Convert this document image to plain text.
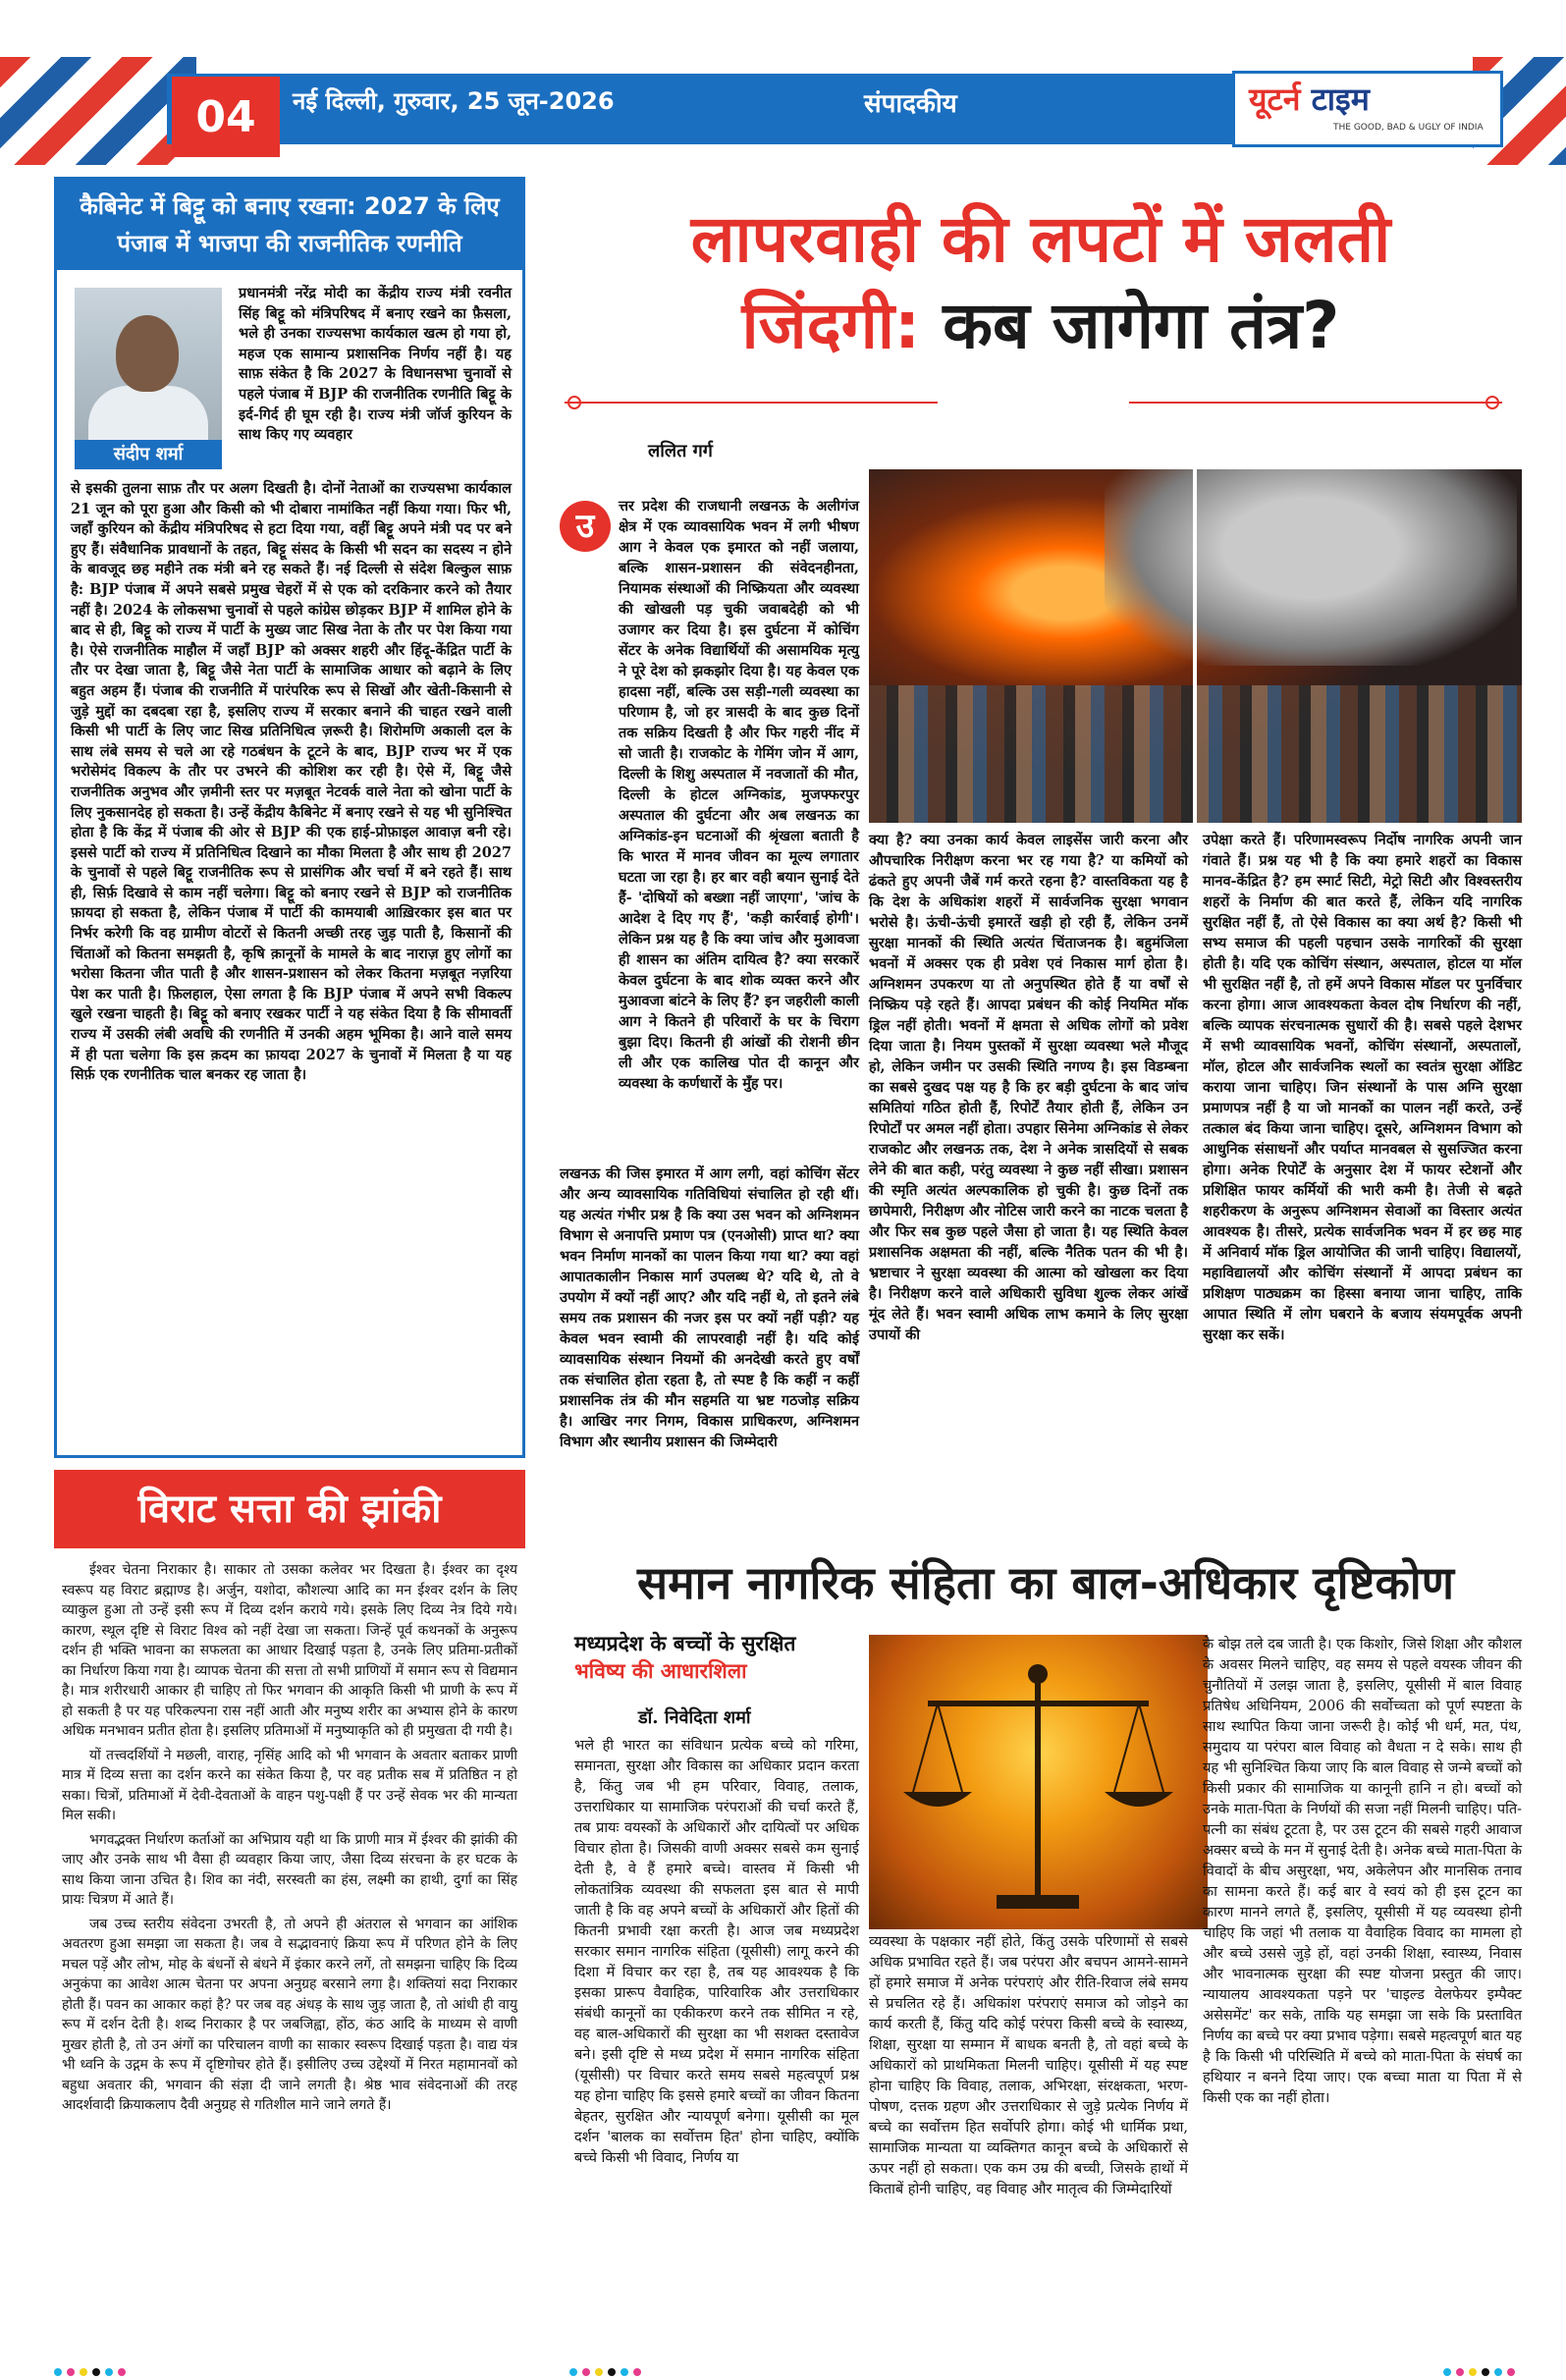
04	नई दिल्ली, गुरुवार, 25 जून-2026	संपादकीय	यूटर्न टाइम
THE GOOD, BAD & UGLY OF INDIA
कैबिनेट में बिट्टू को बनाए रखना: 2027 के लिए
पंजाब में भाजपा की राजनीतिक रणनीति
संदीप शर्मा
प्रधानमंत्री नरेंद्र मोदी का केंद्रीय राज्य मंत्री रवनीत सिंह बिट्टू को मंत्रिपरिषद में बनाए रखने का फ़ैसला, भले ही उनका राज्यसभा कार्यकाल खत्म हो गया हो, महज एक सामान्य प्रशासनिक निर्णय नहीं है। यह साफ़ संकेत है कि 2027 के विधानसभा चुनावों से पहले पंजाब में BJP की राजनीतिक रणनीति बिट्टू के इर्द-गिर्द ही घूम रही है। राज्य मंत्री जॉर्ज कुरियन के साथ किए गए व्यवहार
से इसकी तुलना साफ़ तौर पर अलग दिखती है। दोनों नेताओं का राज्यसभा कार्यकाल 21 जून को पूरा हुआ और किसी को भी दोबारा नामांकित नहीं किया गया। फिर भी, जहाँ कुरियन को केंद्रीय मंत्रिपरिषद से हटा दिया गया, वहीं बिट्टू अपने मंत्री पद पर बने हुए हैं। संवैधानिक प्रावधानों के तहत, बिट्टू संसद के किसी भी सदन का सदस्य न होने के बावजूद छह महीने तक मंत्री बने रह सकते हैं। नई दिल्ली से संदेश बिल्कुल साफ़ है: BJP पंजाब में अपने सबसे प्रमुख चेहरों में से एक को दरकिनार करने को तैयार नहीं है। 2024 के लोकसभा चुनावों से पहले कांग्रेस छोड़कर BJP में शामिल होने के बाद से ही, बिट्टू को राज्य में पार्टी के मुख्य जाट सिख नेता के तौर पर पेश किया गया है। ऐसे राजनीतिक माहौल में जहाँ BJP को अक्सर शहरी और हिंदू-केंद्रित पार्टी के तौर पर देखा जाता है, बिट्टू जैसे नेता पार्टी के सामाजिक आधार को बढ़ाने के लिए बहुत अहम हैं। पंजाब की राजनीति में पारंपरिक रूप से सिखों और खेती-किसानी से जुड़े मुद्दों का दबदबा रहा है, इसलिए राज्य में सरकार बनाने की चाहत रखने वाली किसी भी पार्टी के लिए जाट सिख प्रतिनिधित्व ज़रूरी है। शिरोमणि अकाली दल के साथ लंबे समय से चले आ रहे गठबंधन के टूटने के बाद, BJP राज्य भर में एक भरोसेमंद विकल्प के तौर पर उभरने की कोशिश कर रही है। ऐसे में, बिट्टू जैसे राजनीतिक अनुभव और ज़मीनी स्तर पर मज़बूत नेटवर्क वाले नेता को खोना पार्टी के लिए नुकसानदेह हो सकता है। उन्हें केंद्रीय कैबिनेट में बनाए रखने से यह भी सुनिश्चित होता है कि केंद्र में पंजाब की ओर से BJP की एक हाई-प्रोफ़ाइल आवाज़ बनी रहे। इससे पार्टी को राज्य में प्रतिनिधित्व दिखाने का मौका मिलता है और साथ ही 2027 के चुनावों से पहले बिट्टू राजनीतिक रूप से प्रासंगिक और चर्चा में बने रहते हैं। साथ ही, सिर्फ़ दिखावे से काम नहीं चलेगा। बिट्टू को बनाए रखने से BJP को राजनीतिक फ़ायदा हो सकता है, लेकिन पंजाब में पार्टी की कामयाबी आख़िरकार इस बात पर निर्भर करेगी कि वह ग्रामीण वोटरों से कितनी अच्छी तरह जुड़ पाती है, किसानों की चिंताओं को कितना समझती है, कृषि क़ानूनों के मामले के बाद नाराज़ हुए लोगों का भरोसा कितना जीत पाती है और शासन-प्रशासन को लेकर कितना मज़बूत नज़रिया पेश कर पाती है। फ़िलहाल, ऐसा लगता है कि BJP पंजाब में अपने सभी विकल्प खुले रखना चाहती है। बिट्टू को बनाए रखकर पार्टी ने यह संकेत दिया है कि सीमावर्ती राज्य में उसकी लंबी अवधि की रणनीति में उनकी अहम भूमिका है। आने वाले समय में ही पता चलेगा कि इस क़दम का फ़ायदा 2027 के चुनावों में मिलता है या यह सिर्फ़ एक रणनीतिक चाल बनकर रह जाता है।
विराट सत्ता की झांकी

ईश्वर चेतना निराकार है। साकार तो उसका कलेवर भर दिखता है। ईश्वर का दृश्य स्वरूप यह विराट ब्रह्माण्ड है। अर्जुन, यशोदा, कौशल्या आदि का मन ईश्वर दर्शन के लिए व्याकुल हुआ तो उन्हें इसी रूप में दिव्य दर्शन कराये गये। इसके लिए दिव्य नेत्र दिये गये। कारण, स्थूल दृष्टि से विराट विश्व को नहीं देखा जा सकता। जिन्हें पूर्व कथनकों के अनुरूप दर्शन ही भक्ति भावना का सफलता का आधार दिखाई पड़ता है, उनके लिए प्रतिमा-प्रतीकों का निर्धारण किया गया है। व्यापक चेतना की सत्ता तो सभी प्राणियों में समान रूप से विद्यमान है। मात्र शरीरधारी आकार ही चाहिए तो फिर भगवान की आकृति किसी भी प्राणी के रूप में हो सकती है पर यह परिकल्पना रास नहीं आती और मनुष्य शरीर का अभ्यास होने के कारण अधिक मनभावन प्रतीत होता है। इसलिए प्रतिमाओं में मनुष्याकृति को ही प्रमुखता दी गयी है।

यों तत्त्वदर्शियों ने मछली, वाराह, नृसिंह आदि को भी भगवान के अवतार बताकर प्राणी मात्र में दिव्य सत्ता का दर्शन करने का संकेत किया है, पर वह प्रतीक सब में प्रतिष्ठित न हो सका। चित्रों, प्रतिमाओं में देवी-देवताओं के वाहन पशु-पक्षी हैं पर उन्हें सेवक भर की मान्यता मिल सकी।

भगवद्भक्त निर्धारण कर्ताओं का अभिप्राय यही था कि प्राणी मात्र में ईश्वर की झांकी की जाए और उनके साथ भी वैसा ही व्यवहार किया जाए, जैसा दिव्य संरचना के हर घटक के साथ किया जाना उचित है। शिव का नंदी, सरस्वती का हंस, लक्ष्मी का हाथी, दुर्गा का सिंह प्रायः चित्रण में आते हैं।

जब उच्च स्तरीय संवेदना उभरती है, तो अपने ही अंतराल से भगवान का आंशिक अवतरण हुआ समझा जा सकता है। जब वे सद्भावनाएं क्रिया रूप में परिणत होने के लिए मचल पड़ें और लोभ, मोह के बंधनों से बंधने में इंकार करने लगें, तो समझना चाहिए कि दिव्य अनुकंपा का आवेश आत्म चेतना पर अपना अनुग्रह बरसाने लगा है। शक्तियां सदा निराकार होती हैं। पवन का आकार कहां है? पर जब वह अंधड़ के साथ जुड़ जाता है, तो आंधी ही वायु रूप में दर्शन देती है। शब्द निराकार है पर जबजिह्वा, होंठ, कंठ आदि के माध्यम से वाणी मुखर होती है, तो उन अंगों का परिचालन वाणी का साकार स्वरूप दिखाई पड़ता है। वाद्य यंत्र भी ध्वनि के उद्गम के रूप में दृष्टिगोचर होते हैं। इसीलिए उच्च उद्देश्यों में निरत महामानवों को बहुधा अवतार की, भगवान की संज्ञा दी जाने लगती है। श्रेष्ठ भाव संवेदनाओं की तरह आदर्शवादी क्रियाकलाप दैवी अनुग्रह से गतिशील माने जाने लगते हैं।

लापरवाही की लपटों में जलती
जिंदगी: कब जागेगा तंत्र?
ललित गर्ग
उ
त्तर प्रदेश की राजधानी लखनऊ के अलीगंज क्षेत्र में एक व्यावसायिक भवन में लगी भीषण आग ने केवल एक इमारत को नहीं जलाया, बल्कि शासन-प्रशासन की संवेदनहीनता, नियामक संस्थाओं की निष्क्रियता और व्यवस्था की खोखली पड़ चुकी जवाबदेही को भी उजागर कर दिया है। इस दुर्घटना में कोचिंग सेंटर के अनेक विद्यार्थियों की असामयिक मृत्यु ने पूरे देश को झकझोर दिया है। यह केवल एक हादसा नहीं, बल्कि उस सड़ी-गली व्यवस्था का परिणाम है, जो हर त्रासदी के बाद कुछ दिनों तक सक्रिय दिखती है और फिर गहरी नींद में सो जाती है। राजकोट के गेमिंग जोन में आग, दिल्ली के शिशु अस्पताल में नवजातों की मौत, दिल्ली के होटल अग्निकांड, मुजफ्फरपुर अस्पताल की दुर्घटना और अब लखनऊ का अग्निकांड-इन घटनाओं की श्रृंखला बताती है कि भारत में मानव जीवन का मूल्य लगातार घटता जा रहा है। हर बार वही बयान सुनाई देते हैं- 'दोषियों को बख्शा नहीं जाएगा', 'जांच के आदेश दे दिए गए हैं', 'कड़ी कार्रवाई होगी'। लेकिन प्रश्न यह है कि क्या जांच और मुआवजा ही शासन का अंतिम दायित्व है? क्या सरकारें केवल दुर्घटना के बाद शोक व्यक्त करने और मुआवजा बांटने के लिए हैं? इन जहरीली काली आग ने कितने ही परिवारों के घर के चिराग बुझा दिए। कितनी ही आंखों की रोशनी छीन ली और एक कालिख पोत दी कानून और व्यवस्था के कर्णधारों के मुँह पर।
लखनऊ की जिस इमारत में आग लगी, वहां कोचिंग सेंटर और अन्य व्यावसायिक गतिविधियां संचालित हो रही थीं। यह अत्यंत गंभीर प्रश्न है कि क्या उस भवन को अग्निशमन विभाग से अनापत्ति प्रमाण पत्र (एनओसी) प्राप्त था? क्या भवन निर्माण मानकों का पालन किया गया था? क्या वहां आपातकालीन निकास मार्ग उपलब्ध थे? यदि थे, तो वे उपयोग में क्यों नहीं आए? और यदि नहीं थे, तो इतने लंबे समय तक प्रशासन की नजर इस पर क्यों नहीं पड़ी? यह केवल भवन स्वामी की लापरवाही नहीं है। यदि कोई व्यावसायिक संस्थान नियमों की अनदेखी करते हुए वर्षों तक संचालित होता रहता है, तो स्पष्ट है कि कहीं न कहीं प्रशासनिक तंत्र की मौन सहमति या भ्रष्ट गठजोड़ सक्रिय है। आखिर नगर निगम, विकास प्राधिकरण, अग्निशमन विभाग और स्थानीय प्रशासन की जिम्मेदारी
क्या है? क्या उनका कार्य केवल लाइसेंस जारी करना और औपचारिक निरीक्षण करना भर रह गया है? या कमियों को ढंकते हुए अपनी जैबें गर्म करते रहना है? वास्तविकता यह है कि देश के अधिकांश शहरों में सार्वजनिक सुरक्षा भगवान भरोसे है। ऊंची-ऊंची इमारतें खड़ी हो रही हैं, लेकिन उनमें सुरक्षा मानकों की स्थिति अत्यंत चिंताजनक है। बहुमंजिला भवनों में अक्सर एक ही प्रवेश एवं निकास मार्ग होता है। अग्निशमन उपकरण या तो अनुपस्थित होते हैं या वर्षों से निष्क्रिय पड़े रहते हैं। आपदा प्रबंधन की कोई नियमित मॉक ड्रिल नहीं होती। भवनों में क्षमता से अधिक लोगों को प्रवेश दिया जाता है। नियम पुस्तकों में सुरक्षा व्यवस्था भले मौजूद हो, लेकिन जमीन पर उसकी स्थिति नगण्य है। इस विडम्बना का सबसे दुखद पक्ष यह है कि हर बड़ी दुर्घटना के बाद जांच समितियां गठित होती हैं, रिपोर्टें तैयार होती हैं, लेकिन उन रिपोर्टों पर अमल नहीं होता। उपहार सिनेमा अग्निकांड से लेकर राजकोट और लखनऊ तक, देश ने अनेक त्रासदियों से सबक लेने की बात कही, परंतु व्यवस्था ने कुछ नहीं सीखा। प्रशासन की स्मृति अत्यंत अल्पकालिक हो चुकी है। कुछ दिनों तक छापेमारी, निरीक्षण और नोटिस जारी करने का नाटक चलता है और फिर सब कुछ पहले जैसा हो जाता है। यह स्थिति केवल प्रशासनिक अक्षमता की नहीं, बल्कि नैतिक पतन की भी है। भ्रष्टाचार ने सुरक्षा व्यवस्था की आत्मा को खोखला कर दिया है। निरीक्षण करने वाले अधिकारी सुविधा शुल्क लेकर आंखें मूंद लेते हैं। भवन स्वामी अधिक लाभ कमाने के लिए सुरक्षा उपायों की
उपेक्षा करते हैं। परिणामस्वरूप निर्दोष नागरिक अपनी जान गंवाते हैं। प्रश्न यह भी है कि क्या हमारे शहरों का विकास मानव-केंद्रित है? हम स्मार्ट सिटी, मेट्रो सिटी और विश्वस्तरीय शहरों के निर्माण की बात करते हैं, लेकिन यदि नागरिक सुरक्षित नहीं हैं, तो ऐसे विकास का क्या अर्थ है? किसी भी सभ्य समाज की पहली पहचान उसके नागरिकों की सुरक्षा होती है। यदि एक कोचिंग संस्थान, अस्पताल, होटल या मॉल भी सुरक्षित नहीं है, तो हमें अपने विकास मॉडल पर पुनर्विचार करना होगा। आज आवश्यकता केवल दोष निर्धारण की नहीं, बल्कि व्यापक संरचनात्मक सुधारों की है। सबसे पहले देशभर में सभी व्यावसायिक भवनों, कोचिंग संस्थानों, अस्पतालों, मॉल, होटल और सार्वजनिक स्थलों का स्वतंत्र सुरक्षा ऑडिट कराया जाना चाहिए। जिन संस्थानों के पास अग्नि सुरक्षा प्रमाणपत्र नहीं है या जो मानकों का पालन नहीं करते, उन्हें तत्काल बंद किया जाना चाहिए। दूसरे, अग्निशमन विभाग को आधुनिक संसाधनों और पर्याप्त मानवबल से सुसज्जित करना होगा। अनेक रिपोर्टें के अनुसार देश में फायर स्टेशनों और प्रशिक्षित फायर कर्मियों की भारी कमी है। तेजी से बढ़ते शहरीकरण के अनुरूप अग्निशमन सेवाओं का विस्तार अत्यंत आवश्यक है। तीसरे, प्रत्येक सार्वजनिक भवन में हर छह माह में अनिवार्य मॉक ड्रिल आयोजित की जानी चाहिए। विद्यालयों, महाविद्यालयों और कोचिंग संस्थानों में आपदा प्रबंधन का प्रशिक्षण पाठ्यक्रम का हिस्सा बनाया जाना चाहिए, ताकि आपात स्थिति में लोग घबराने के बजाय संयमपूर्वक अपनी सुरक्षा कर सकें।
समान नागरिक संहिता का बाल-अधिकार दृष्टिकोण
मध्यप्रदेश के बच्चों के सुरक्षित
भविष्य की आधारशिला
डॉ. निवेदिता शर्मा
भले ही भारत का संविधान प्रत्येक बच्चे को गरिमा, समानता, सुरक्षा और विकास का अधिकार प्रदान करता है, किंतु जब भी हम परिवार, विवाह, तलाक, उत्तराधिकार या सामाजिक परंपराओं की चर्चा करते हैं, तब प्रायः वयस्कों के अधिकारों और दायित्वों पर अधिक विचार होता है। जिसकी वाणी अक्सर सबसे कम सुनाई देती है, वे हैं हमारे बच्चे। वास्तव में किसी भी लोकतांत्रिक व्यवस्था की सफलता इस बात से मापी जाती है कि वह अपने बच्चों के अधिकारों और हितों की कितनी प्रभावी रक्षा करती है। आज जब मध्यप्रदेश सरकार समान नागरिक संहिता (यूसीसी) लागू करने की दिशा में विचार कर रहा है, तब यह आवश्यक है कि इसका प्रारूप वैवाहिक, पारिवारिक और उत्तराधिकार संबंधी कानूनों का एकीकरण करने तक सीमित न रहे, वह बाल-अधिकारों की सुरक्षा का भी सशक्त दस्तावेज बने। इसी दृष्टि से मध्य प्रदेश में समान नागरिक संहिता (यूसीसी) पर विचार करते समय सबसे महत्वपूर्ण प्रश्न यह होना चाहिए कि इससे हमारे बच्चों का जीवन कितना बेहतर, सुरक्षित और न्यायपूर्ण बनेगा। यूसीसी का मूल दर्शन 'बालक का सर्वोत्तम हित' होना चाहिए, क्योंकि बच्चे किसी भी विवाद, निर्णय या
व्यवस्था के पक्षकार नहीं होते, किंतु उसके परिणामों से सबसे अधिक प्रभावित रहते हैं। जब परंपरा और बचपन आमने-सामने हों हमारे समाज में अनेक परंपराएं और रीति-रिवाज लंबे समय से प्रचलित रहे हैं। अधिकांश परंपराएं समाज को जोड़ने का कार्य करती हैं, किंतु यदि कोई परंपरा किसी बच्चे के स्वास्थ्य, शिक्षा, सुरक्षा या सम्मान में बाधक बनती है, तो वहां बच्चे के अधिकारों को प्राथमिकता मिलनी चाहिए। यूसीसी में यह स्पष्ट होना चाहिए कि विवाह, तलाक, अभिरक्षा, संरक्षकता, भरण-पोषण, दत्तक ग्रहण और उत्तराधिकार से जुड़े प्रत्येक निर्णय में बच्चे का सर्वोत्तम हित सर्वोपरि होगा। कोई भी धार्मिक प्रथा, सामाजिक मान्यता या व्यक्तिगत कानून बच्चे के अधिकारों से ऊपर नहीं हो सकता। एक कम उम्र की बच्ची, जिसके हाथों में किताबें होनी चाहिए, वह विवाह और मातृत्व की जिम्मेदारियों
के बोझ तले दब जाती है। एक किशोर, जिसे शिक्षा और कौशल के अवसर मिलने चाहिए, वह समय से पहले वयस्क जीवन की चुनौतियों में उलझ जाता है, इसलिए, यूसीसी में बाल विवाह प्रतिषेध अधिनियम, 2006 की सर्वोच्चता को पूर्ण स्पष्टता के साथ स्थापित किया जाना जरूरी है। कोई भी धर्म, मत, पंथ, समुदाय या परंपरा बाल विवाह को वैधता न दे सके। साथ ही यह भी सुनिश्चित किया जाए कि बाल विवाह से जन्मे बच्चों को किसी प्रकार की सामाजिक या कानूनी हानि न हो। बच्चों को उनके माता-पिता के निर्णयों की सजा नहीं मिलनी चाहिए। पति-पत्नी का संबंध टूटता है, पर उस टूटन की सबसे गहरी आवाज अक्सर बच्चे के मन में सुनाई देती है। अनेक बच्चे माता-पिता के विवादों के बीच असुरक्षा, भय, अकेलेपन और मानसिक तनाव का सामना करते हैं। कई बार वे स्वयं को ही इस टूटन का कारण मानने लगते हैं, इसलिए, यूसीसी में यह व्यवस्था होनी चाहिए कि जहां भी तलाक या वैवाहिक विवाद का मामला हो और बच्चे उससे जुड़े हों, वहां उनकी शिक्षा, स्वास्थ्य, निवास और भावनात्मक सुरक्षा की स्पष्ट योजना प्रस्तुत की जाए। न्यायालय आवश्यकता पड़ने पर 'चाइल्ड वेलफेयर इम्पैक्ट असेसमेंट' कर सके, ताकि यह समझा जा सके कि प्रस्तावित निर्णय का बच्चे पर क्या प्रभाव पड़ेगा। सबसे महत्वपूर्ण बात यह है कि किसी भी परिस्थिति में बच्चे को माता-पिता के संघर्ष का हथियार न बनने दिया जाए। एक बच्चा माता या पिता में से किसी एक का नहीं होता।
